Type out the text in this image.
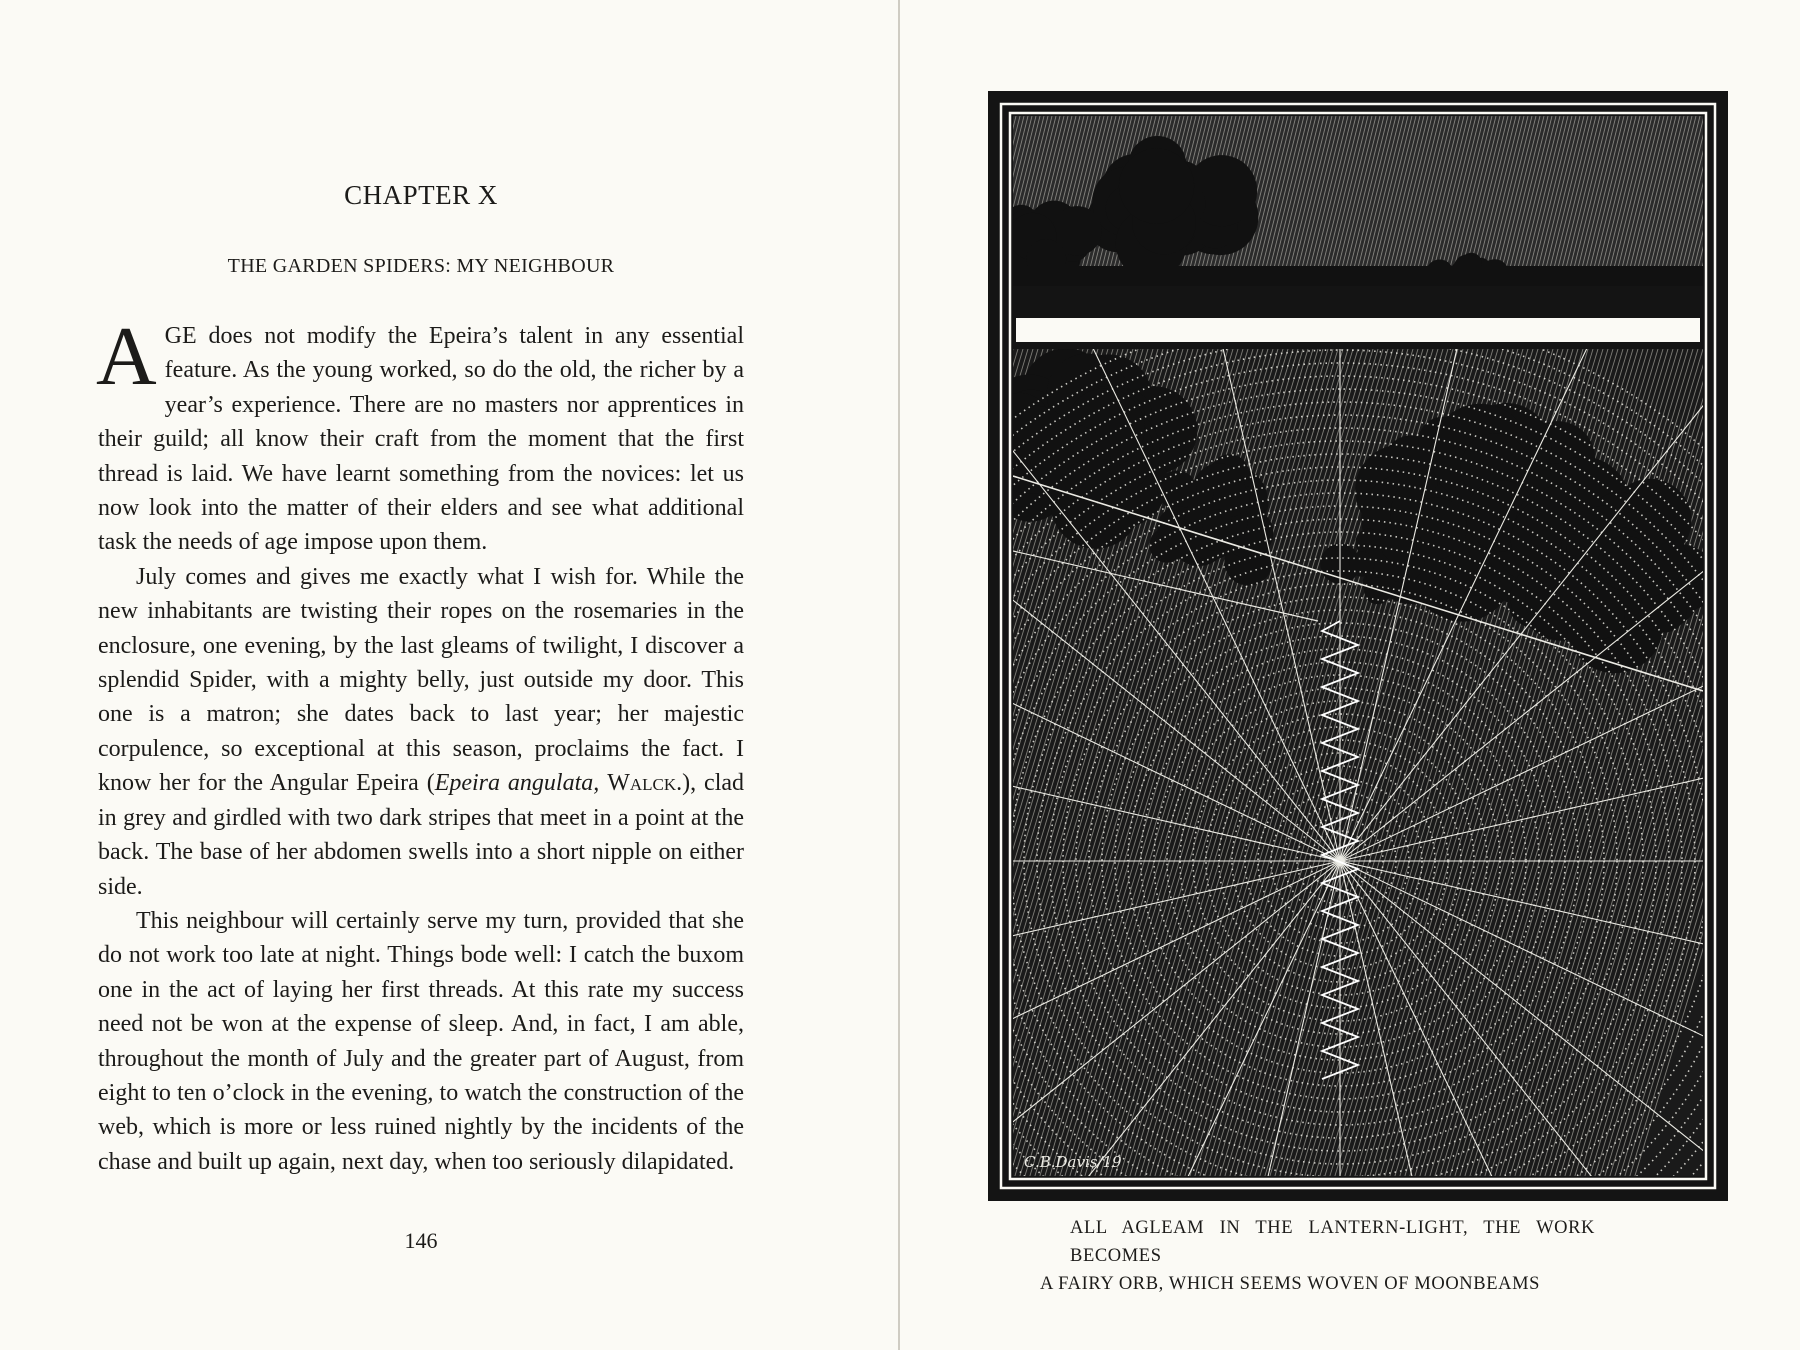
CHAPTER X
THE GARDEN SPIDERS: MY NEIGHBOUR

AGE does not modify the Epeira’s talent in any essential feature. As the young worked, so do the old, the richer by a year’s experience. There are no masters nor apprentices in their guild; all know their craft from the moment that the first thread is laid. We have learnt something from the novices: let us now look into the matter of their elders and see what additional task the needs of age impose upon them.

July comes and gives me exactly what I wish for. While the new inhabitants are twisting their ropes on the rosemaries in the enclosure, one evening, by the last gleams of twilight, I discover a splendid Spider, with a mighty belly, just outside my door. This one is a matron; she dates back to last year; her majestic corpulence, so exceptional at this season, proclaims the fact. I know her for the Angular Epeira (Epeira angulata, Walck.), clad in grey and girdled with two dark stripes that meet in a point at the back. The base of her abdomen swells into a short nipple on either side.

This neighbour will certainly serve my turn, provided that she do not work too late at night. Things bode well: I catch the buxom one in the act of laying her first threads. At this rate my success need not be won at the expense of sleep. And, in fact, I am able, throughout the month of July and the greater part of August, from eight to ten o’clock in the evening, to watch the construction of the web, which is more or less ruined nightly by the incidents of the chase and built up again, next day, when too seriously dilapidated.

146
C.B.Davis/19
ALL AGLEAM IN THE LANTERN-LIGHT, THE WORK BECOMES
A FAIRY ORB, WHICH SEEMS WOVEN OF MOONBEAMS
